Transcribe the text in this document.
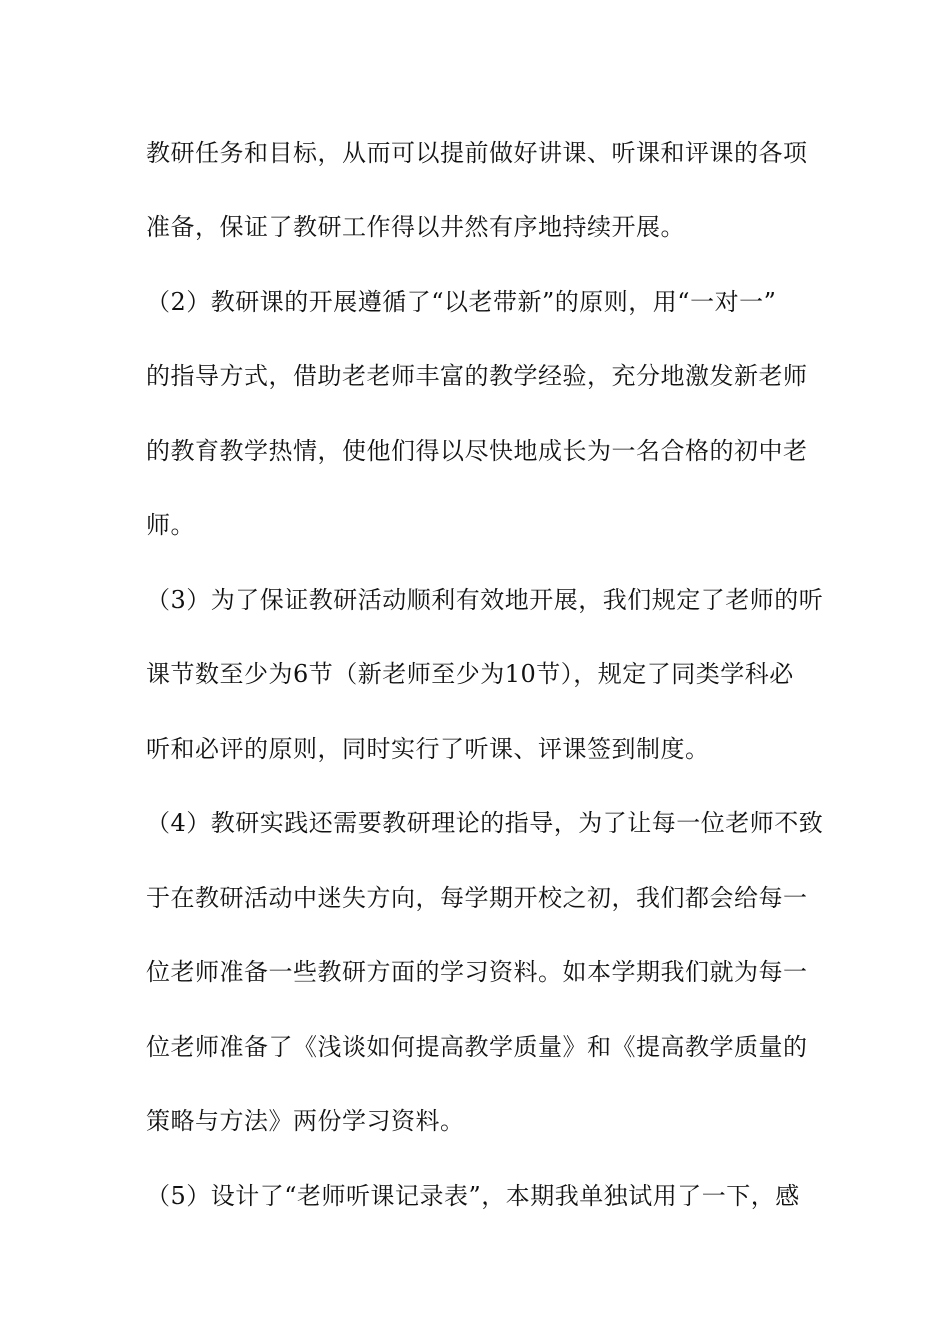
教研任务和目标，从而可以提前做好讲课、听课和评课的各项
准备，保证了教研工作得以井然有序地持续开展。
（2）教研课的开展遵循了“以老带新”的原则，用“一对一”
的指导方式，借助老老师丰富的教学经验，充分地激发新老师
的教育教学热情，使他们得以尽快地成长为一名合格的初中老
师。
（3）为了保证教研活动顺利有效地开展，我们规定了老师的听
课节数至少为6节（新老师至少为10节），规定了同类学科必
听和必评的原则，同时实行了听课、评课签到制度。
（4）教研实践还需要教研理论的指导，为了让每一位老师不致
于在教研活动中迷失方向，每学期开校之初，我们都会给每一
位老师准备一些教研方面的学习资料。如本学期我们就为每一
位老师准备了《浅谈如何提高教学质量》和《提高教学质量的
策略与方法》两份学习资料。
（5）设计了“老师听课记录表”，本期我单独试用了一下，感
